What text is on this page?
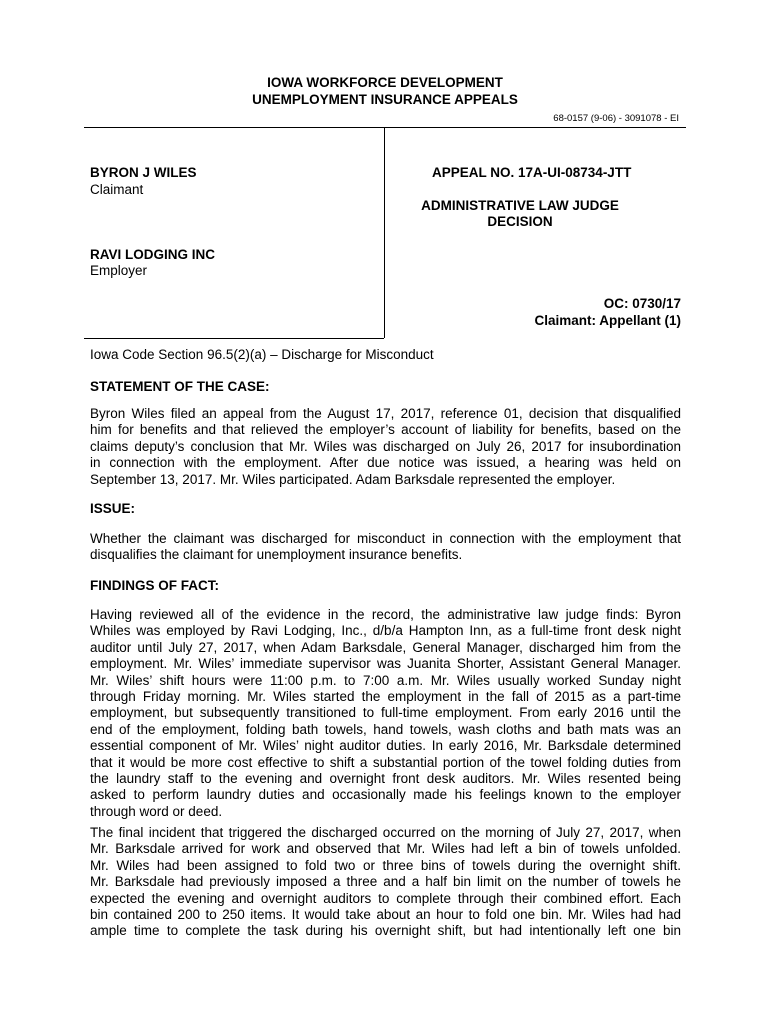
IOWA WORKFORCE DEVELOPMENT
UNEMPLOYMENT INSURANCE APPEALS
68-0157 (9-06) - 3091078 - EI
BYRON J WILES
Claimant
RAVI LODGING INC
Employer
APPEAL NO. 17A-UI-08734-JTT
ADMINISTRATIVE LAW JUDGE
DECISION
OC: 0730/17
Claimant: Appellant (1)
Iowa Code Section 96.5(2)(a) – Discharge for Misconduct
STATEMENT OF THE CASE:
Byron Wiles filed an appeal from the August 17, 2017, reference 01, decision that disqualified
him for benefits and that relieved the employer’s account of liability for benefits, based on the
claims deputy’s conclusion that Mr. Wiles was discharged on July 26, 2017 for insubordination
in connection with the employment. After due notice was issued, a hearing was held on
September 13, 2017. Mr. Wiles participated. Adam Barksdale represented the employer.
ISSUE:
Whether the claimant was discharged for misconduct in connection with the employment that
disqualifies the claimant for unemployment insurance benefits.
FINDINGS OF FACT:
Having reviewed all of the evidence in the record, the administrative law judge finds: Byron
Whiles was employed by Ravi Lodging, Inc., d/b/a Hampton Inn, as a full-time front desk night
auditor until July 27, 2017, when Adam Barksdale, General Manager, discharged him from the
employment. Mr. Wiles’ immediate supervisor was Juanita Shorter, Assistant General Manager.
Mr. Wiles’ shift hours were 11:00 p.m. to 7:00 a.m. Mr. Wiles usually worked Sunday night
through Friday morning. Mr. Wiles started the employment in the fall of 2015 as a part-time
employment, but subsequently transitioned to full-time employment. From early 2016 until the
end of the employment, folding bath towels, hand towels, wash cloths and bath mats was an
essential component of Mr. Wiles’ night auditor duties. In early 2016, Mr. Barksdale determined
that it would be more cost effective to shift a substantial portion of the towel folding duties from
the laundry staff to the evening and overnight front desk auditors. Mr. Wiles resented being
asked to perform laundry duties and occasionally made his feelings known to the employer
through word or deed.
The final incident that triggered the discharged occurred on the morning of July 27, 2017, when
Mr. Barksdale arrived for work and observed that Mr. Wiles had left a bin of towels unfolded.
Mr. Wiles had been assigned to fold two or three bins of towels during the overnight shift.
Mr. Barksdale had previously imposed a three and a half bin limit on the number of towels he
expected the evening and overnight auditors to complete through their combined effort. Each
bin contained 200 to 250 items. It would take about an hour to fold one bin. Mr. Wiles had had
ample time to complete the task during his overnight shift, but had intentionally left one bin
